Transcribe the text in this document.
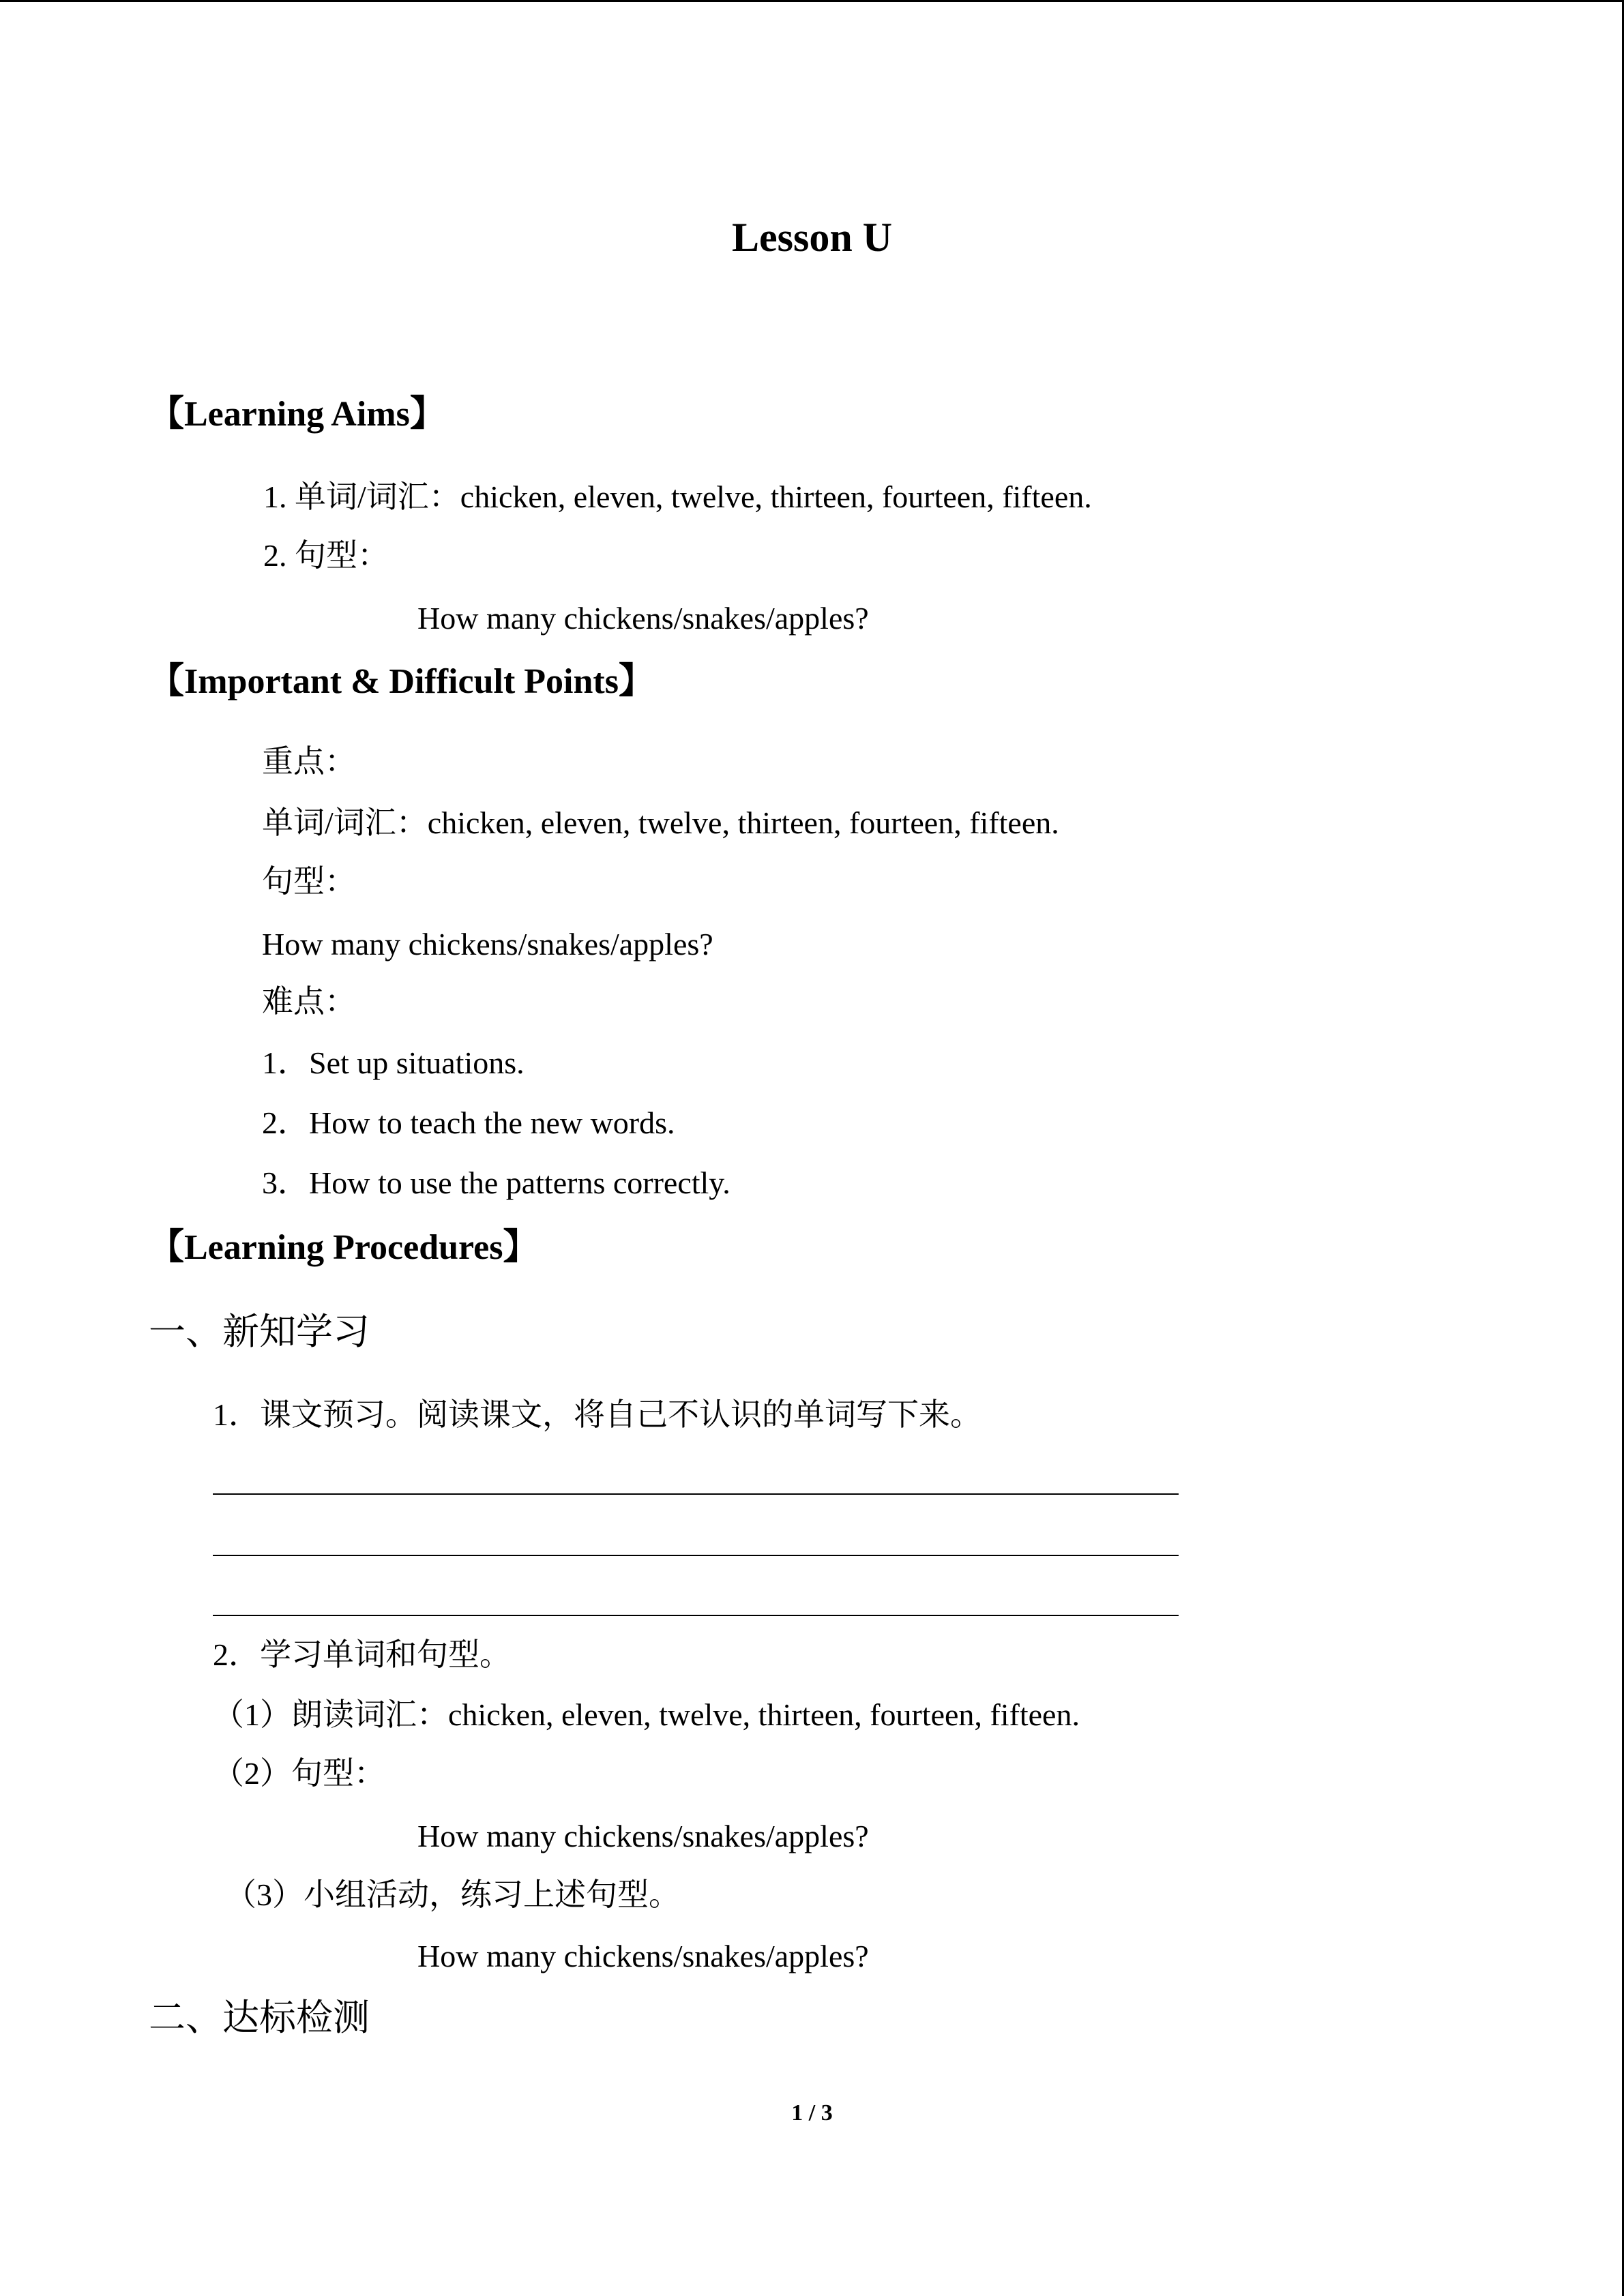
Lesson U
【Learning Aims】
1. 单词/词汇：chicken, eleven, twelve, thirteen, fourteen, fifteen.
2. 句型：
How many chickens/snakes/apples?
【Important & Difficult Points】
重点：
单词/词汇：chicken, eleven, twelve, thirteen, fourteen, fifteen.
句型：
How many chickens/snakes/apples?
难点：
1．Set up situations.
2．How to teach the new words.
3．How to use the patterns correctly.
【Learning Procedures】
一、新知学习
1．课文预习。阅读课文，将自己不认识的单词写下来。
2．学习单词和句型。
（1）朗读词汇：chicken, eleven, twelve, thirteen, fourteen, fifteen.
（2）句型：
How many chickens/snakes/apples?
（3）小组活动，练习上述句型。
How many chickens/snakes/apples?
二、达标检测
1 / 3
